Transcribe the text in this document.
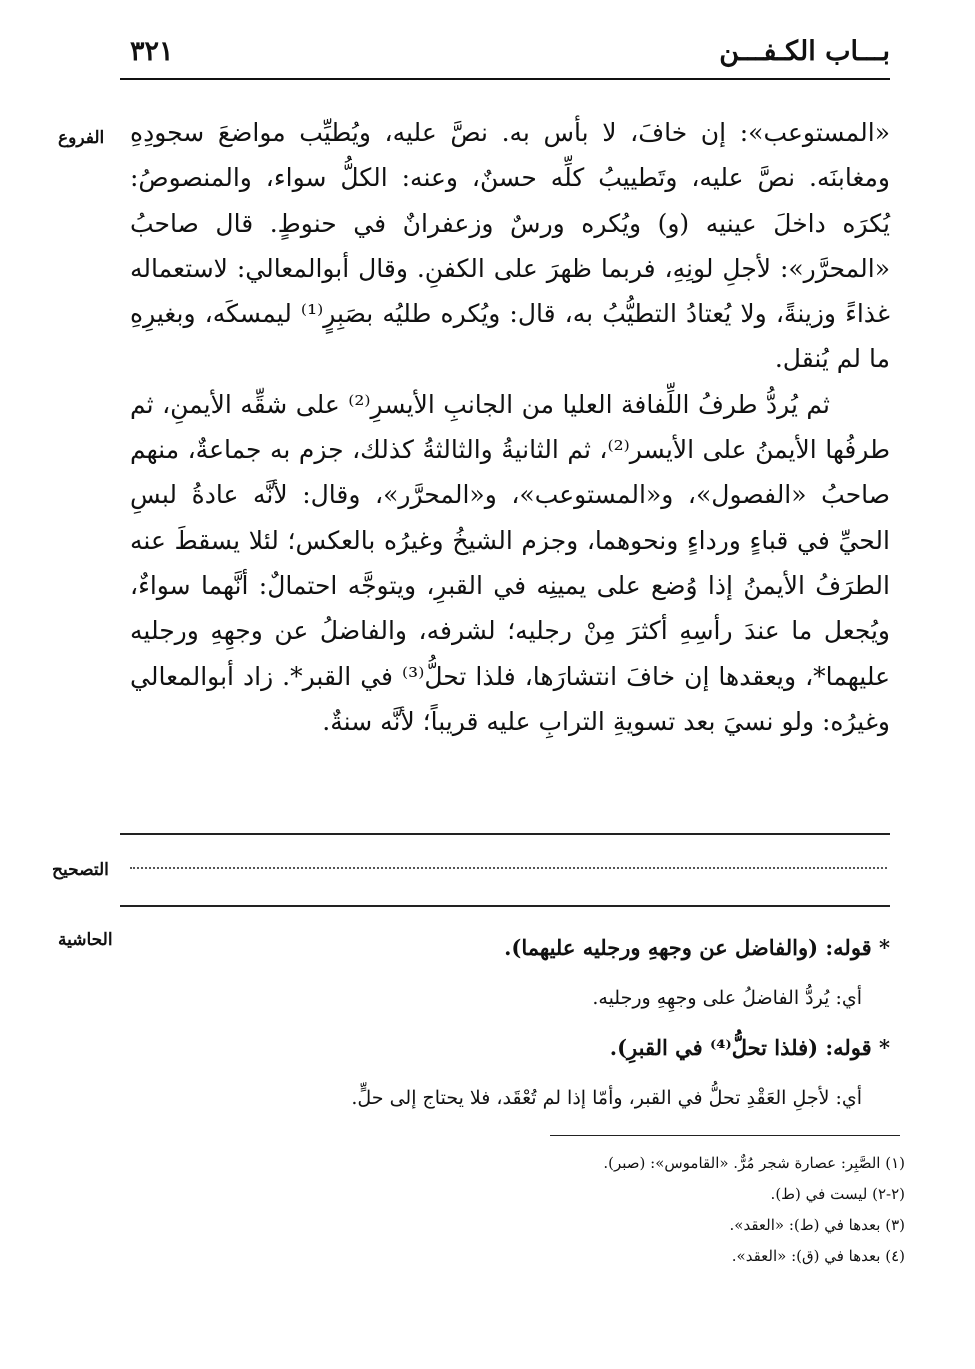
بـــاب الكـفـــن
٣٢١
الفروع «المستوعب»: إن خافَ، لا بأس به. نصَّ عليه، ويُطيِّب مواضعَ سجودِهِ ومغابنَه. نصَّ عليه، وتَطييبُ كلِّه حسنٌ، وعنه: الكلُّ سواء، والمنصوصُ: يُكرَه داخلَ عينيه (و) ويُكره ورسٌ وزعفرانٌ في حنوطٍ. قال صاحبُ «المحرَّر»: لأجلِ لونِهِ، فربما ظهرَ على الكفنِ. وقال أبوالمعالي: لاستعماله غذاءً وزينةً، ولا يُعتادُ التطيُّبُ به، قال: ويُكره طليُه بصَبِرٍ⁽¹⁾ ليمسكَه، وبغيرِهِ ما لم يُنقل.

ثم يُردُّ طرفُ اللِّفافة العليا من الجانبِ الأيسرِ⁽²⁾ على شقِّه الأيمنِ، ثم طرفُها الأيمنُ على الأيسر⁽²⁾، ثم الثانيةُ والثالثةُ كذلك، جزم به جماعةٌ، منهم صاحبُ «الفصول»، و«المستوعب»، و«المحرَّر»، وقال: لأنَّه عادةُ لبسِ الحيِّ في قباءٍ ورداءٍ ونحوهما، وجزم الشيخُ وغيرُه بالعكس؛ لئلا يسقطَ عنه الطرَفُ الأيمنُ إذا وُضع على يمينِه في القبرِ، ويتوجَّه احتمالٌ: أنَّهما سواءٌ، ويُجعل ما عندَ رأسِهِ أكثرَ مِنْ رجليه؛ لشرفه، والفاضلُ عن وجهِهِ ورجليه عليهما*، ويعقدها إن خافَ انتشارَها، فلذا تحلُّ⁽³⁾ في القبر*. زاد أبوالمعالي وغيرُه: ولو نسيَ بعد تسويةِ الترابِ عليه قريباً؛ لأنَّه سنةٌ.

التصحيح
الحاشية	* قوله: (والفاضل عن وجههِ ورجليه عليهما).

أي: يُردُّ الفاضلُ على وجهِهِ ورجليه.

* قوله: (فلذا تحلُّ⁽⁴⁾ في القبرِ).

أي: لأجلِ العَقْدِ تحلُّ في القبر، وأمّا إذا لم تُعْقَد، فلا يحتاج إلى حلٍّ.

(١) الصَّبِر: عصارة شجر مُرٌّ. «القاموس»: (صبر).

(٢-٢) ليست في (ط).

(٣) بعدها في (ط): «العقد».

(٤) بعدها في (ق): «العقد».
